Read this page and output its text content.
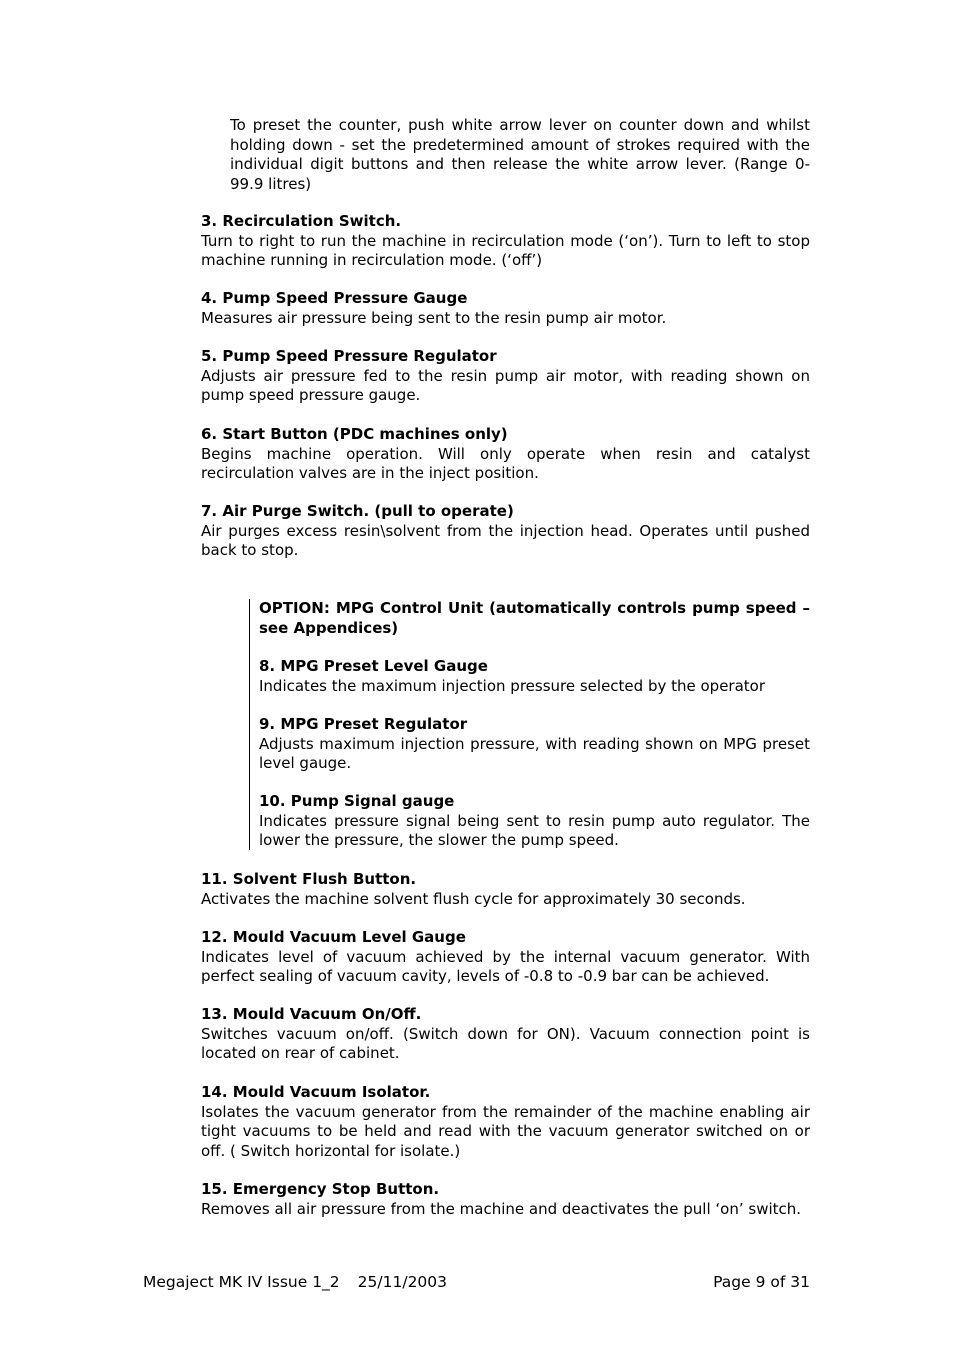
To preset the counter, push white arrow lever on counter down and whilst holding down - set the predetermined amount of strokes required with the individual digit buttons and then release the white arrow lever. (Range 0-99.9 litres)
3. Recirculation Switch.
Turn to right to run the machine in recirculation mode (‘on’). Turn to left to stop machine running in recirculation mode. (‘off’)
4. Pump Speed Pressure Gauge
Measures air pressure being sent to the resin pump air motor.
5. Pump Speed Pressure Regulator
Adjusts air pressure fed to the resin pump air motor, with reading shown on pump speed pressure gauge.
6. Start Button (PDC machines only)
Begins machine operation. Will only operate when resin and catalyst recirculation valves are in the inject position.
7. Air Purge Switch. (pull to operate)
Air purges excess resin\solvent from the injection head. Operates until pushed back to stop.
OPTION: MPG Control Unit (automatically controls pump speed – see Appendices)
8. MPG Preset Level Gauge
Indicates the maximum injection pressure selected by the operator
9. MPG Preset Regulator
Adjusts maximum injection pressure, with reading shown on MPG preset level gauge.
10. Pump Signal gauge
Indicates pressure signal being sent to resin pump auto regulator. The lower the pressure, the slower the pump speed.
11. Solvent Flush Button.
Activates the machine solvent flush cycle for approximately 30 seconds.
12. Mould Vacuum Level Gauge
Indicates level of vacuum achieved by the internal vacuum generator. With perfect sealing of vacuum cavity, levels of -0.8 to -0.9 bar can be achieved.
13. Mould Vacuum On/Off.
Switches vacuum on/off. (Switch down for ON). Vacuum connection point is located on rear of cabinet.
14. Mould Vacuum Isolator.
Isolates the vacuum generator from the remainder of the machine enabling air tight vacuums to be held and read with the vacuum generator switched on or off. ( Switch horizontal for isolate.)
15. Emergency Stop Button.
Removes all air pressure from the machine and deactivates the pull ‘on’ switch.
Megaject MK IV Issue 1_2 25/11/2003	Page 9 of 31
